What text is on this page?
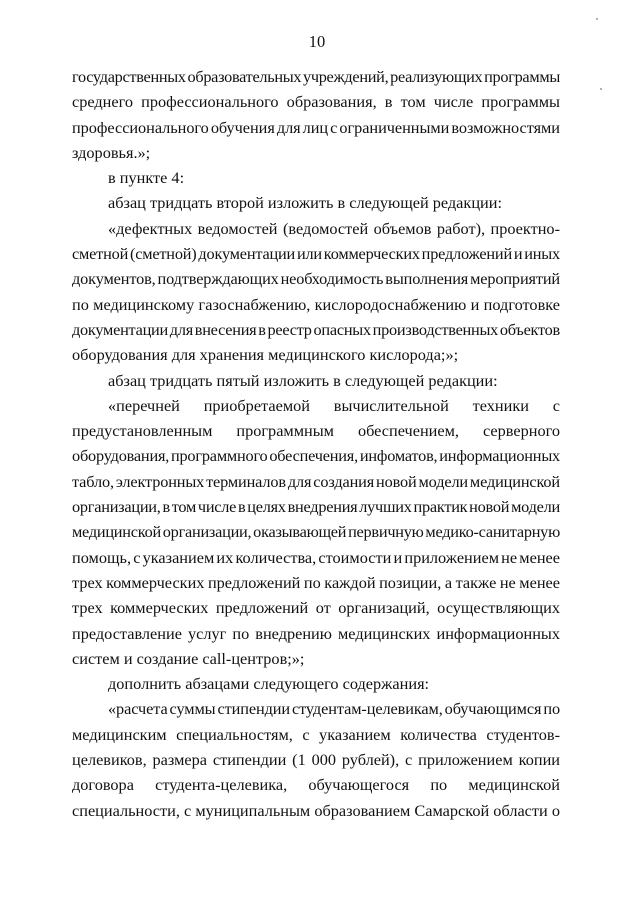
10
государственных образовательных учреждений, реализующих программы
среднего профессионального образования, в том числе программы
профессионального обучения для лиц с ограниченными возможностями
здоровья.»;
в пункте 4:
абзац тридцать второй изложить в следующей редакции:
«дефектных ведомостей (ведомостей объемов работ), проектно-
сметной (сметной) документации или коммерческих предложений и иных
документов, подтверждающих необходимость выполнения мероприятий
по медицинскому газоснабжению, кислородоснабжению и подготовке
документации для внесения в реестр опасных производственных объектов
оборудования для хранения медицинского кислорода;»;
абзац тридцать пятый изложить в следующей редакции:
«перечней приобретаемой вычислительной техники с
предустановленным программным обеспечением, серверного
оборудования, программного обеспечения, инфоматов, информационных
табло, электронных терминалов для создания новой модели медицинской
организации, в том числе в целях внедрения лучших практик новой модели
медицинской организации, оказывающей первичную медико-санитарную
помощь, с указанием их количества, стоимости и приложением не менее
трех коммерческих предложений по каждой позиции, а также не менее
трех коммерческих предложений от организаций, осуществляющих
предоставление услуг по внедрению медицинских информационных
систем и создание call-центров;»;
дополнить абзацами следующего содержания:
«расчета суммы стипендии студентам-целевикам, обучающимся по
медицинским специальностям, с указанием количества студентов-
целевиков, размера стипендии (1 000 рублей), с приложением копии
договора студента-целевика, обучающегося по медицинской
специальности, с муниципальным образованием Самарской области о
